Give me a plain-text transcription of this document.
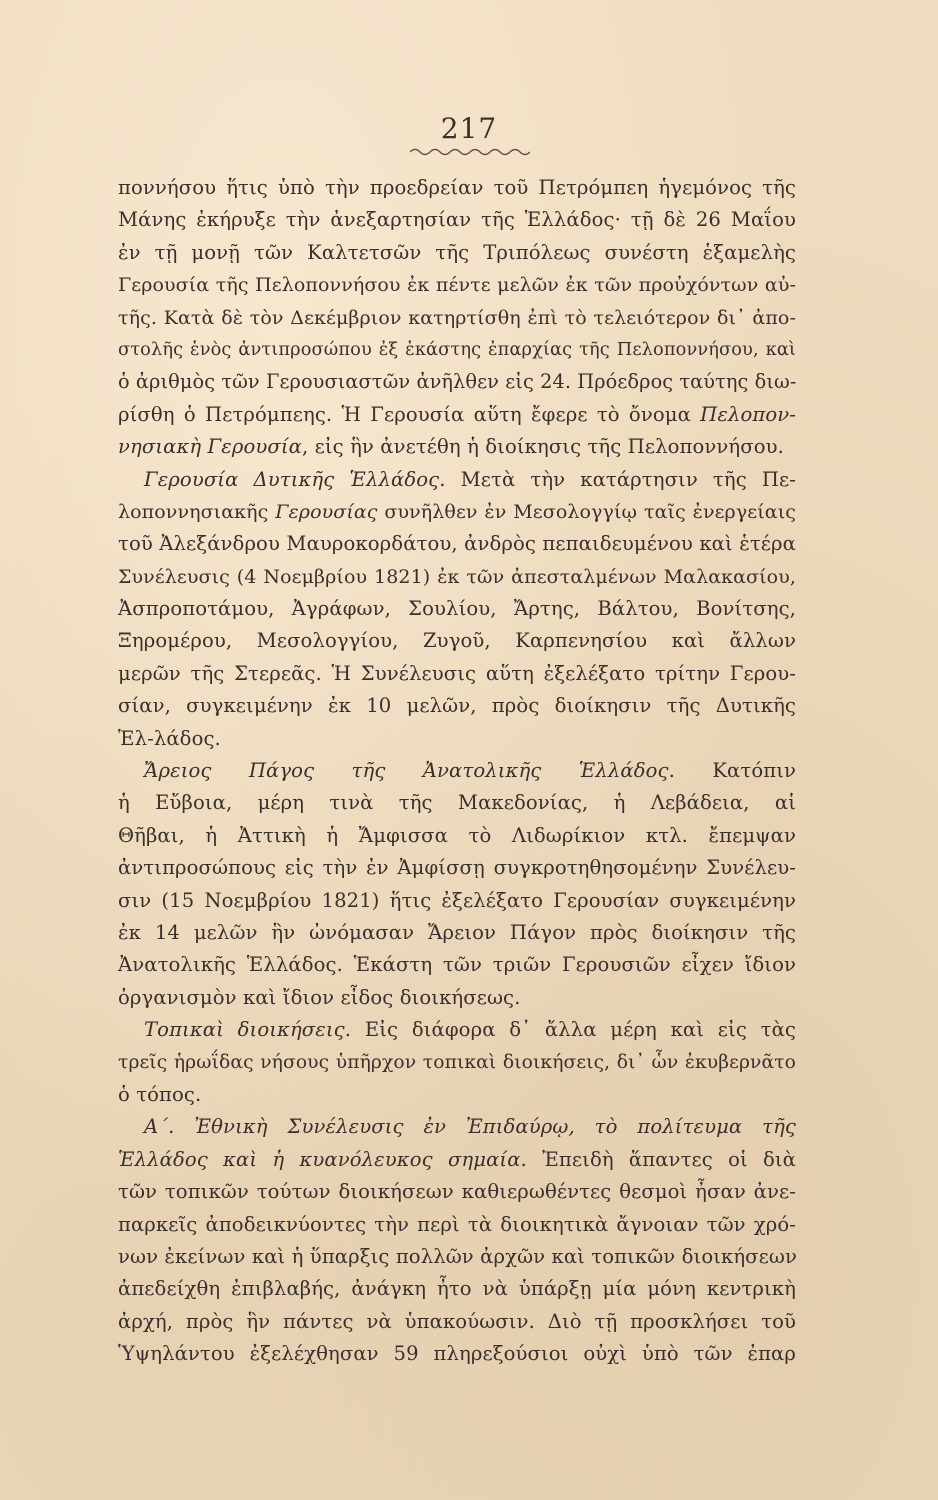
217
πονν‌ήσου ἥτις ὑπὸ τὴν προεδρείαν τοῦ Πετρόμπεη ἡγεμόνος τῆς
Μάνης ἐκήρυξε τὴν ἀνεξαρτησίαν τῆς Ἑλλάδος· τῇ δὲ 26 Μαΐου
ἐν τῇ μονῇ τῶν Καλτετσῶν τῆς Τριπόλεως συνέστη ἑξαμελὴς
Γερουσία τῆς Πελοποννήσου ἐκ πέντε μελῶν ἐκ τῶν προὐχόντων αὐ-
τῆς. Κατὰ δὲ τὸν Δεκέμβριον κατηρτίσθη ἐπὶ τὸ τελειότερον δι᾽ ἀπο-
στολῆς ἑνὸς ἀντιπροσώπου ἐξ ἑκάστης ἐπαρχίας τῆς Πελοποννήσου, καὶ
ὁ ἀριθμὸς τῶν Γερουσιαστῶν ἀνῆλθεν εἰς 24. Πρόεδρος ταύτης διω-
ρίσθη ὁ Πετρόμπεης. Ἡ Γερουσία αὕτη ἔφερε τὸ ὄνομα Πελοπον-
νησιακὴ Γερουσία, εἰς ἣν ἀνετέθη ἡ διοίκησις τῆς Πελοποννήσου.
Γερουσία Δυτικῆς Ἑλλάδος. Μετὰ τὴν κατάρτησιν τῆς Πε-
λοποννησιακῆς Γερουσίας συνῆλθεν ἐν Μεσολογγίῳ ταῖς ἐνεργείαις
τοῦ Ἀλεξάνδρου Μαυροκορδάτου, ἀνδρὸς πεπαιδευμένου καὶ ἑτέρα
Συνέλευσις (4 Νοεμβρίου 1821) ἐκ τῶν ἀπεσταλμένων Μαλακασίου,
Ἀσπροποτάμου, Ἀγράφων, Σουλίου, Ἄρτης, Βάλτου, Βονίτσης,
Ξηρομέρου, Μεσολογγίου, Ζυγοῦ, Καρπενησίου καὶ ἄλλων
μερῶν τῆς Στερεᾶς. Ἡ Συνέλευσις αὕτη ἐξελέξατο τρίτην Γερου-
σίαν, συγκειμένην ἐκ 10 μελῶν, πρὸς διοίκησιν τῆς Δυτικῆς
Ἑλ-λάδος.
Ἄρειος Πάγος τῆς Ἀνατολικῆς Ἑλλάδος. Κατόπιν
ἡ Εὔβοια, μέρη τινὰ τῆς Μακεδονίας, ἡ Λεβάδεια, αἱ
Θῆβαι, ἡ Ἀττικὴ ἡ Ἄμφισσα τὸ Λιδωρίκιον κτλ. ἔπεμψαν
ἀντιπροσώπους εἰς τὴν ἐν Ἀμφίσσῃ συγκροτηθησομένην Συνέλευ-
σιν (15 Νοεμβρίου 1821) ἥτις ἐξελέξατο Γερουσίαν συγκειμένην
ἐκ 14 μελῶν ἣν ὠνόμασαν Ἄρειον Πάγον πρὸς διοίκησιν τῆς
Ἀνατολικῆς Ἑλλάδος. Ἑκάστη τῶν τριῶν Γερουσιῶν εἶχεν ἴδιον
ὀργανισμὸν καὶ ἴδιον εἶδος διοικήσεως.
Τοπικαὶ διοικήσεις. Εἰς διάφορα δ᾽ ἄλλα μέρη καὶ εἰς τὰς
τρεῖς ἡρωΐδας νήσους ὑπῆρχον τοπικαὶ διοικήσεις, δι᾽ ὧν ἐκυβερνᾶτο
ὁ τόπος.
Α΄. Ἐθνικὴ Συνέλευσις ἐν Ἐπιδαύρῳ, τὸ πολίτευμα τῆς
Ἑλλάδος καὶ ἡ κυανόλευκος σημαία. Ἐπειδὴ ἅπαντες οἱ διὰ
τῶν τοπικῶν τούτων διοικήσεων καθιερωθέντες θεσμοὶ ἦσαν ἀνε-
παρκεῖς ἀποδεικνύοντες τὴν περὶ τὰ διοικητικὰ ἄγνοιαν τῶν χρό-
νων ἐκείνων καὶ ἡ ὕπαρξις πολλῶν ἀρχῶν καὶ τοπικῶν διοικήσεων
ἀπεδείχθη ἐπιβλαβής, ἀνάγκη ἦτο νὰ ὑπάρξῃ μία μόνη κεντρικὴ
ἀρχή, πρὸς ἣν πάντες νὰ ὑπακούωσιν. Διὸ τῇ προσκλήσει τοῦ
Ὑψηλάντου ἐξελέχθησαν 59 πληρεξούσιοι οὐχὶ ὑπὸ τῶν ἐπαρ
